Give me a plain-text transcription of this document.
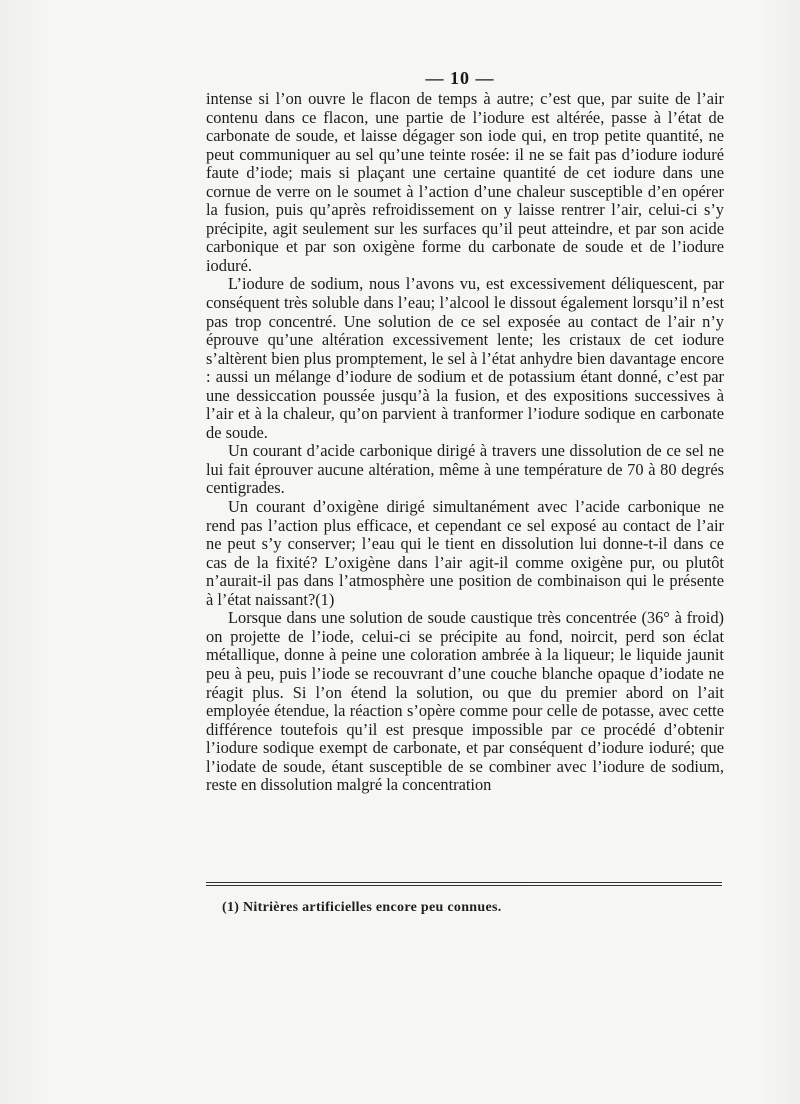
— 10 —

intense si l’on ouvre le flacon de temps à autre; c’est que, par suite de l’air contenu dans ce flacon, une partie de l’iodure est altérée, passe à l’état de carbonate de soude, et laisse dégager son iode qui, en trop petite quantité, ne peut communiquer au sel qu’une teinte rosée: il ne se fait pas d’iodure ioduré faute d’iode; mais si plaçant une certaine quantité de cet iodure dans une cornue de verre on le soumet à l’action d’une chaleur susceptible d’en opérer la fusion, puis qu’après refroidissement on y laisse rentrer l’air, celui-ci s’y précipite, agit seulement sur les surfaces qu’il peut atteindre, et par son acide carbonique et par son oxigène forme du carbonate de soude et de l’iodure ioduré.

L’iodure de sodium, nous l’avons vu, est excessivement déliquescent, par conséquent très soluble dans l’eau; l’alcool le dissout également lorsqu’il n’est pas trop concentré. Une solution de ce sel exposée au contact de l’air n’y éprouve qu’une altération excessivement lente; les cristaux de cet iodure s’altèrent bien plus promptement, le sel à l’état anhydre bien davantage encore : aussi un mélange d’iodure de sodium et de potassium étant donné, c’est par une dessiccation poussée jusqu’à la fusion, et des expositions successives à l’air et à la chaleur, qu’on parvient à tranformer l’iodure sodique en carbonate de soude.

Un courant d’acide carbonique dirigé à travers une dissolution de ce sel ne lui fait éprouver aucune altération, même à une température de 70 à 80 degrés centigrades.

Un courant d’oxigène dirigé simultanément avec l’acide carbonique ne rend pas l’action plus efficace, et cependant ce sel exposé au contact de l’air ne peut s’y conserver; l’eau qui le tient en dissolution lui donne-t-il dans ce cas de la fixité? L’oxigène dans l’air agit-il comme oxigène pur, ou plutôt n’aurait-il pas dans l’atmosphère une position de combinaison qui le présente à l’état naissant?(1)

Lorsque dans une solution de soude caustique très concentrée (36° à froid) on projette de l’iode, celui-ci se précipite au fond, noircit, perd son éclat métallique, donne à peine une coloration ambrée à la liqueur; le liquide jaunit peu à peu, puis l’iode se recouvrant d’une couche blanche opaque d’iodate ne réagit plus. Si l’on étend la solution, ou que du premier abord on l’ait employée étendue, la réaction s’opère comme pour celle de potasse, avec cette différence toutefois qu’il est presque impossible par ce procédé d’obtenir l’iodure sodique exempt de carbonate, et par conséquent d’iodure ioduré; que l’iodate de soude, étant susceptible de se combiner avec l’iodure de sodium, reste en dissolution malgré la concentration

(1) Nitrières artificielles encore peu connues.
